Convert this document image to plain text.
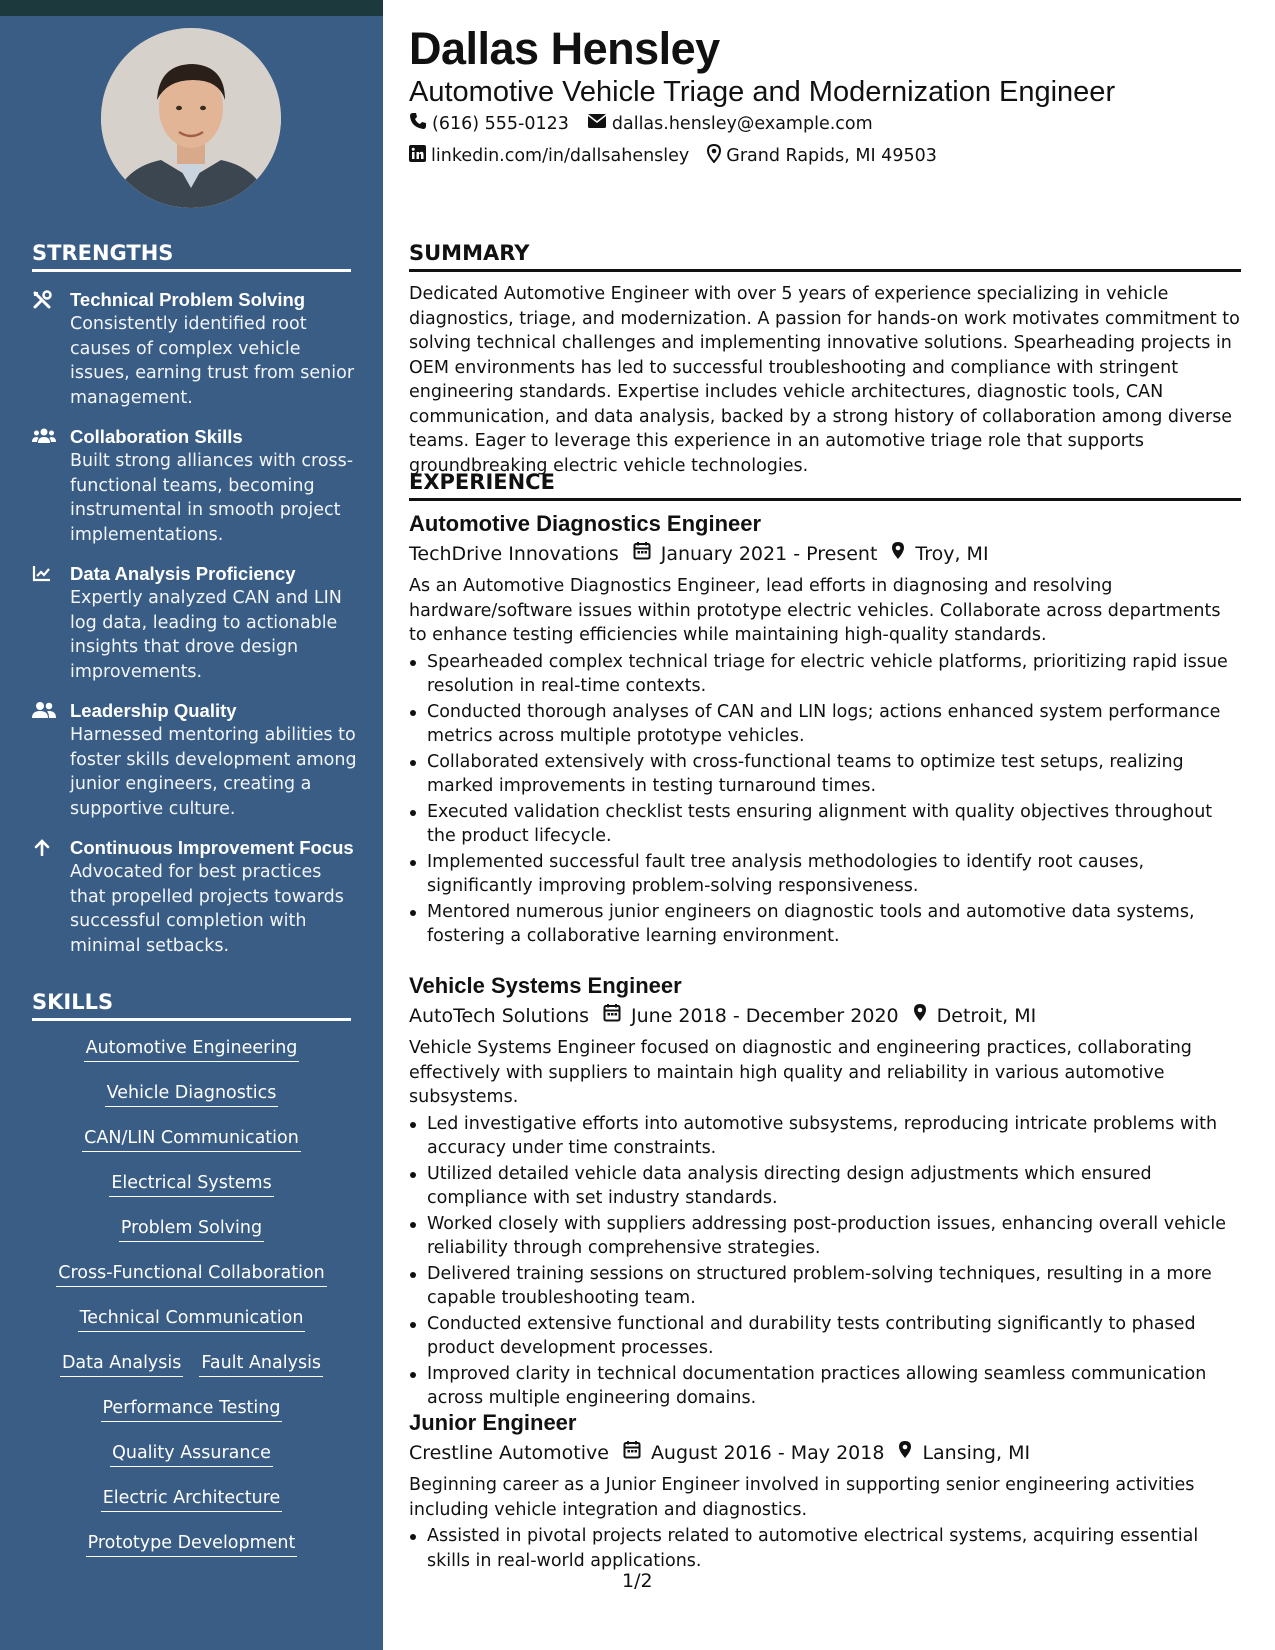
STRENGTHS
Technical Problem Solving
Consistently identified root causes of complex vehicle issues, earning trust from senior management.
Collaboration Skills
Built strong alliances with cross-functional teams, becoming instrumental in smooth project implementations.
Data Analysis Proficiency
Expertly analyzed CAN and LIN log data, leading to actionable insights that drove design improvements.
Leadership Quality
Harnessed mentoring abilities to foster skills development among junior engineers, creating a supportive culture.
Continuous Improvement Focus
Advocated for best practices that propelled projects towards successful completion with minimal setbacks.
SKILLS
Automotive Engineering
Vehicle Diagnostics
CAN/LIN Communication
Electrical Systems
Problem Solving
Cross-Functional Collaboration
Technical Communication
Data Analysis Fault Analysis
Performance Testing
Quality Assurance
Electric Architecture
Prototype Development
Dallas Hensley
Automotive Vehicle Triage and Modernization Engineer
(616) 555-0123 dallas.hensley@example.com
linkedin.com/in/dallsahensley Grand Rapids, MI 49503
SUMMARY
Dedicated Automotive Engineer with over 5 years of experience specializing in vehicle diagnostics, triage, and modernization. A passion for hands-on work motivates commitment to solving technical challenges and implementing innovative solutions. Spearheading projects in OEM environments has led to successful troubleshooting and compliance with stringent engineering standards. Expertise includes vehicle architectures, diagnostic tools, CAN communication, and data analysis, backed by a strong history of collaboration among diverse teams. Eager to leverage this experience in an automotive triage role that supports groundbreaking electric vehicle technologies.
EXPERIENCE
Automotive Diagnostics Engineer
TechDrive Innovations January 2021 - Present Troy, MI
As an Automotive Diagnostics Engineer, lead efforts in diagnosing and resolving hardware/software issues within prototype electric vehicles. Collaborate across departments to enhance testing efficiencies while maintaining high-quality standards.
Spearheaded complex technical triage for electric vehicle platforms, prioritizing rapid issue resolution in real-time contexts.
Conducted thorough analyses of CAN and LIN logs; actions enhanced system performance metrics across multiple prototype vehicles.
Collaborated extensively with cross-functional teams to optimize test setups, realizing marked improvements in testing turnaround times.
Executed validation checklist tests ensuring alignment with quality objectives throughout the product lifecycle.
Implemented successful fault tree analysis methodologies to identify root causes, significantly improving problem-solving responsiveness.
Mentored numerous junior engineers on diagnostic tools and automotive data systems, fostering a collaborative learning environment.
Vehicle Systems Engineer
AutoTech Solutions June 2018 - December 2020 Detroit, MI
Vehicle Systems Engineer focused on diagnostic and engineering practices, collaborating effectively with suppliers to maintain high quality and reliability in various automotive subsystems.
Led investigative efforts into automotive subsystems, reproducing intricate problems with accuracy under time constraints.
Utilized detailed vehicle data analysis directing design adjustments which ensured compliance with set industry standards.
Worked closely with suppliers addressing post-production issues, enhancing overall vehicle reliability through comprehensive strategies.
Delivered training sessions on structured problem-solving techniques, resulting in a more capable troubleshooting team.
Conducted extensive functional and durability tests contributing significantly to phased product development processes.
Improved clarity in technical documentation practices allowing seamless communication across multiple engineering domains.
Junior Engineer
Crestline Automotive August 2016 - May 2018 Lansing, MI
Beginning career as a Junior Engineer involved in supporting senior engineering activities including vehicle integration and diagnostics.
Assisted in pivotal projects related to automotive electrical systems, acquiring essential skills in real-world applications.
1/2
